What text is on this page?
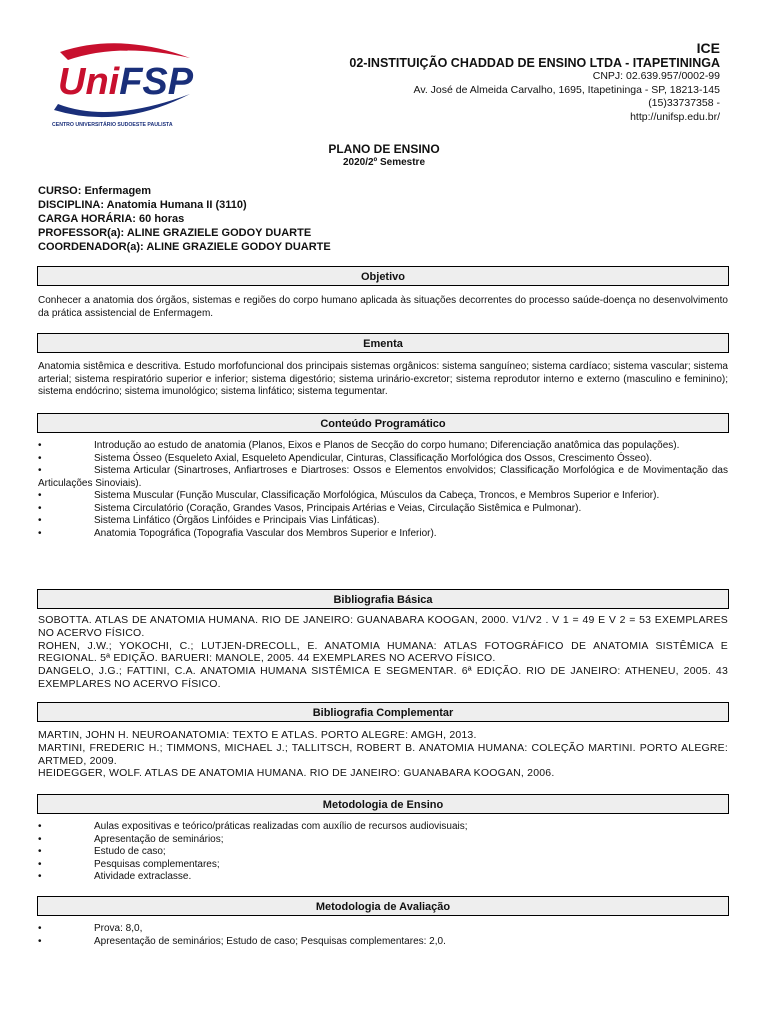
UniFSP
CENTRO UNIVERSITÁRIO SUDOESTE PAULISTA
ICE
02-INSTITUIÇÃO CHADDAD DE ENSINO LTDA - ITAPETININGA
CNPJ: 02.639.957/0002-99
Av. José de Almeida Carvalho, 1695, Itapetininga - SP, 18213-145
(15)33737358 -
http://unifsp.edu.br/
PLANO DE ENSINO
2020/2º Semestre
CURSO: Enfermagem
DISCIPLINA: Anatomia Humana II (3110)
CARGA HORÁRIA: 60 horas
PROFESSOR(a): ALINE GRAZIELE GODOY DUARTE
COORDENADOR(a): ALINE GRAZIELE GODOY DUARTE
Objetivo
Conhecer a anatomia dos órgãos, sistemas e regiões do corpo humano aplicada às situações decorrentes do processo saúde-doença no desenvolvimento da prática assistencial de Enfermagem.
Ementa
Anatomia sistêmica e descritiva. Estudo morfofuncional dos principais sistemas orgânicos: sistema sanguíneo; sistema cardíaco; sistema vascular; sistema arterial; sistema respiratório superior e inferior; sistema digestório; sistema urinário-excretor; sistema reprodutor interno e externo (masculino e feminino); sistema endócrino; sistema imunológico; sistema linfático; sistema tegumentar.
Conteúdo Programático
•	Introdução ao estudo de anatomia (Planos, Eixos e Planos de Secção do corpo humano; Diferenciação anatômica das populações).
•	Sistema Ósseo (Esqueleto Axial, Esqueleto Apendicular, Cinturas, Classificação Morfológica dos Ossos, Crescimento Ósseo).
•	Sistema Articular (Sinartroses, Anfiartroses e Diartroses: Ossos e Elementos envolvidos; Classificação Morfológica e de Movimentação das Articulações Sinoviais).
•	Sistema Muscular (Função Muscular, Classificação Morfológica, Músculos da Cabeça, Troncos, e Membros Superior e Inferior).
•	Sistema Circulatório (Coração, Grandes Vasos, Principais Artérias e Veias, Circulação Sistêmica e Pulmonar).
•	Sistema Linfático (Órgãos Linfóides e Principais Vias Linfáticas).
•	Anatomia Topográfica (Topografia Vascular dos Membros Superior e Inferior).
Bibliografia Básica
SOBOTTA. ATLAS DE ANATOMIA HUMANA. RIO DE JANEIRO: GUANABARA KOOGAN, 2000. V1/V2 . V 1 = 49 E V 2 = 53 EXEMPLARES NO ACERVO FÍSICO.
ROHEN, J.W.; YOKOCHI, C.; LUTJEN-DRECOLL, E. ANATOMIA HUMANA: ATLAS FOTOGRÁFICO DE ANATOMIA SISTÊMICA E REGIONAL. 5ª EDIÇÃO. BARUERI: MANOLE, 2005. 44 EXEMPLARES NO ACERVO FÍSICO.
DANGELO, J.G.; FATTINI, C.A. ANATOMIA HUMANA SISTÊMICA E SEGMENTAR. 6ª EDIÇÃO. RIO DE JANEIRO: ATHENEU, 2005. 43 EXEMPLARES NO ACERVO FÍSICO.
Bibliografia Complementar
MARTIN, JOHN H. NEUROANATOMIA: TEXTO E ATLAS. PORTO ALEGRE: AMGH, 2013.
MARTINI, FREDERIC H.; TIMMONS, MICHAEL J.; TALLITSCH, ROBERT B. ANATOMIA HUMANA: COLEÇÃO MARTINI. PORTO ALEGRE: ARTMED, 2009.
HEIDEGGER, WOLF. ATLAS DE ANATOMIA HUMANA. RIO DE JANEIRO: GUANABARA KOOGAN, 2006.
Metodologia de Ensino
•	Aulas expositivas e teórico/práticas realizadas com auxílio de recursos audiovisuais;
•	Apresentação de seminários;
•	Estudo de caso;
•	Pesquisas complementares;
•	Atividade extraclasse.
Metodologia de Avaliação
•	Prova: 8,0,
•	Apresentação de seminários; Estudo de caso; Pesquisas complementares: 2,0.
